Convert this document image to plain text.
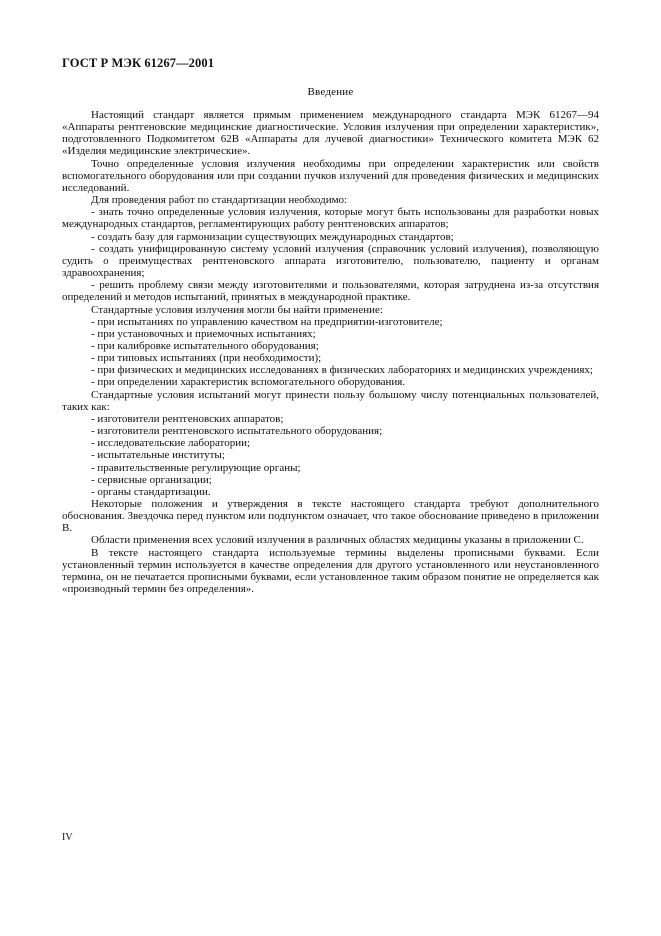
ГОСТ Р МЭК 61267—2001
Введение

Настоящий стандарт является прямым применением международного стандарта МЭК 61267—94 «Аппараты рентгеновские медицинские диагностические. Условия излучения при определении характеристик», подготовленного Подкомитетом 62В «Аппараты для лучевой диагностики» Технического комитета МЭК 62 «Изделия медицинские электрические».

Точно определенные условия излучения необходимы при определении характеристик или свойств вспомогательного оборудования или при создании пучков излучений для проведения физических и медицинских исследований.

Для проведения работ по стандартизации необходимо:

- знать точно определенные условия излучения, которые могут быть использованы для разработки новых международных стандартов, регламентирующих работу рентгеновских аппаратов;

- создать базу для гармонизации существующих международных стандартов;

- создать унифицированную систему условий излучения (справочник условий излучения), позволяющую судить о преимуществах рентгеновского аппарата изготовителю, пользователю, пациенту и органам здравоохранения;

- решить проблему связи между изготовителями и пользователями, которая затруднена из-за отсутствия определений и методов испытаний, принятых в международной практике.

Стандартные условия излучения могли бы найти применение:

- при испытаниях по управлению качеством на предприятии-изготовителе;

- при установочных и приемочных испытаниях;

- при калибровке испытательного оборудования;

- при типовых испытаниях (при необходимости);

- при физических и медицинских исследованиях в физических лабораториях и медицинских учреждениях;

- при определении характеристик вспомогательного оборудования.

Стандартные условия испытаний могут принести пользу большому числу потенциальных пользователей, таких как:

- изготовители рентгеновских аппаратов;

- изготовители рентгеновского испытательного оборудования;

- исследовательские лаборатории;

- испытательные институты;

- правительственные регулирующие органы;

- сервисные организации;

- органы стандартизации.

Некоторые положения и утверждения в тексте настоящего стандарта требуют дополнительного обоснования. Звездочка перед пунктом или подпунктом означает, что такое обоснование приведено в приложении В.

Области применения всех условий излучения в различных областях медицины указаны в приложении С.

В тексте настоящего стандарта используемые термины выделены прописными буквами. Если установленный термин используется в качестве определения для другого установленного или неустановленного термина, он не печатается прописными буквами, если установленное таким образом понятие не определяется как «производный термин без определения».

IV
